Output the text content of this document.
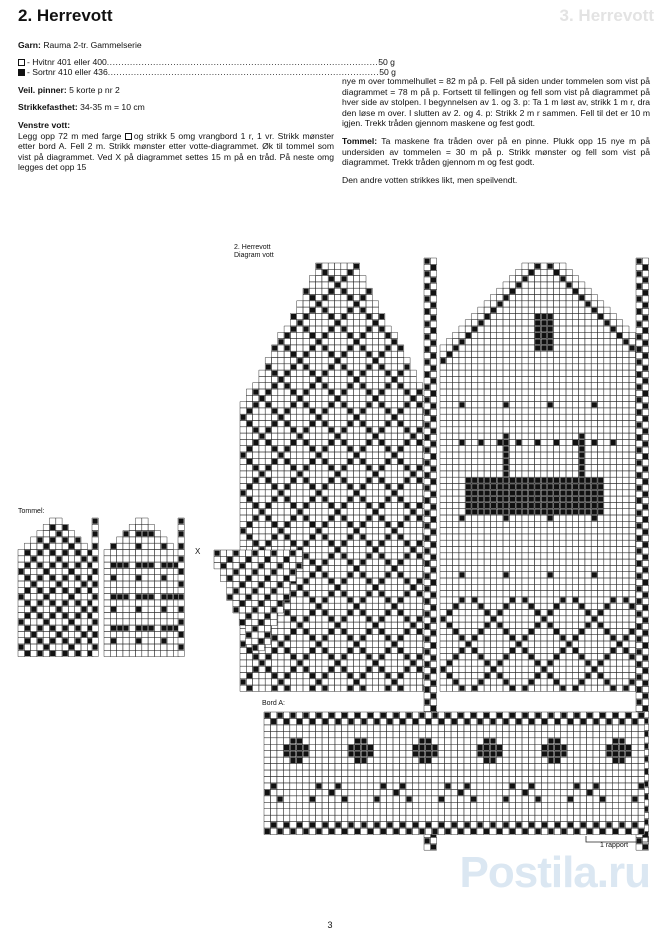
2. Herrevott	3. Herrevott
Garn: Rauma 2-tr. Gammelserie
- Hvit nr 401 eller 400 .............................................................................................. 50 g
- Sort nr 410 eller 436 .............................................................................................. 50 g
Veil. pinner: 5 korte p nr 2
Strikkefasthet: 34-35 m = 10 cm
Venstre vott:
Legg opp 72 m med farge og strikk 5 omg vrangbord 1 r, 1 vr. Strikk mønster etter bord A. Fell 2 m. Strikk mønster etter votte-diagrammet. Øk til tommel som vist på diagrammet. Ved X på diagrammet settes 15 m på en tråd. På neste omg legges det opp 15
nye m over tommelhullet = 82 m på p. Fell på siden under tommelen som vist på diagrammet = 78 m på p. Fortsett til fellingen og fell som vist på diagrammet på hver side av stolpen. I begynnelsen av 1. og 3. p: Ta 1 m løst av, strikk 1 m r, dra den løse m over. I slutten av 2. og 4. p: Strikk 2 m r sammen. Fell til det er 10 m igjen. Trekk tråden gjennom maskene og fest godt.
Tommel: Ta maskene fra tråden over på en pinne. Plukk opp 15 nye m på undersiden av tommelen = 30 m på p. Strikk mønster og fell som vist på diagrammet. Trekk tråden gjennom m og fest godt.
Den andre votten strikkes likt, men speilvendt.
2. Herrevott
Diagram vott
Tommel:
X
Bord A:
1 rapport
Postila.ru
3
